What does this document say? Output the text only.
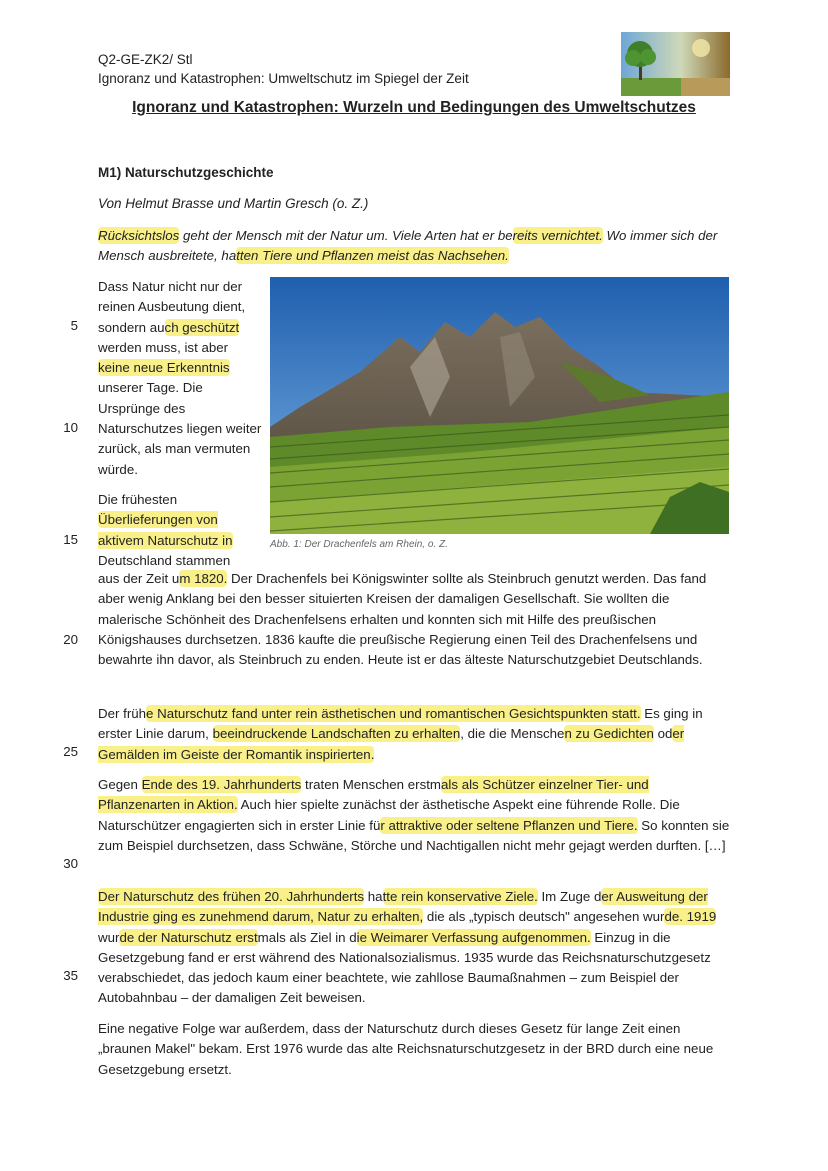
Q2-GE-ZK2/ Stl
Ignoranz und Katastrophen: Umweltschutz im Spiegel der Zeit
Ignoranz und Katastrophen: Wurzeln und Bedingungen des Umweltschutzes
M1) Naturschutzgeschichte
Von Helmut Brasse und Martin Gresch (o. Z.)

Rücksichtslos geht der Mensch mit der Natur um. Viele Arten hat er bereits vernichtet. Wo immer sich der Mensch ausbreitete, hatten Tiere und Pflanzen meist das Nachsehen.

Dass Natur nicht nur der reinen Ausbeutung dient, sondern auch geschützt werden muss, ist aber keine neue Erkenntnis unserer Tage. Die Ursprünge des Naturschutzes liegen weiter zurück, als man vermuten würde.

Die frühesten Überlieferungen von aktivem Naturschutz in Deutschland stammen

Abb. 1: Der Drachenfels am Rhein, o. Z.

aus der Zeit um 1820. Der Drachenfels bei Königswinter sollte als Steinbruch genutzt werden. Das fand aber wenig Anklang bei den besser situierten Kreisen der damaligen Gesellschaft. Sie wollten die malerische Schönheit des Drachenfelsens erhalten und konnten sich mit Hilfe des preußischen Königshauses durchsetzen. 1836 kaufte die preußische Regierung einen Teil des Drachenfelsens und bewahrte ihn davor, als Steinbruch zu enden. Heute ist er das älteste Naturschutzgebiet Deutschlands.

Der frühe Naturschutz fand unter rein ästhetischen und romantischen Gesichtspunkten statt. Es ging in erster Linie darum, beeindruckende Landschaften zu erhalten, die die Menschen zu Gedichten oder Gemälden im Geiste der Romantik inspirierten.

Gegen Ende des 19. Jahrhunderts traten Menschen erstmals als Schützer einzelner Tier- und Pflanzenarten in Aktion. Auch hier spielte zunächst der ästhetische Aspekt eine führende Rolle. Die Naturschützer engagierten sich in erster Linie für attraktive oder seltene Pflanzen und Tiere. So konnten sie zum Beispiel durchsetzen, dass Schwäne, Störche und Nachtigallen nicht mehr gejagt werden durften. […]

Der Naturschutz des frühen 20. Jahrhunderts hatte rein konservative Ziele. Im Zuge der Ausweitung der Industrie ging es zunehmend darum, Natur zu erhalten, die als „typisch deutsch" angesehen wurde. 1919 wurde der Naturschutz erstmals als Ziel in die Weimarer Verfassung aufgenommen. Einzug in die Gesetzgebung fand er erst während des Nationalsozialismus. 1935 wurde das Reichsnaturschutzgesetz verabschiedet, das jedoch kaum einer beachtete, wie zahllose Baumaßnahmen – zum Beispiel der Autobahnbau – der damaligen Zeit beweisen.

Eine negative Folge war außerdem, dass der Naturschutz durch dieses Gesetz für lange Zeit einen „braunen Makel" bekam. Erst 1976 wurde das alte Reichsnaturschutzgesetz in der BRD durch eine neue Gesetzgebung ersetzt.

5
10
15
20
25
30
35
